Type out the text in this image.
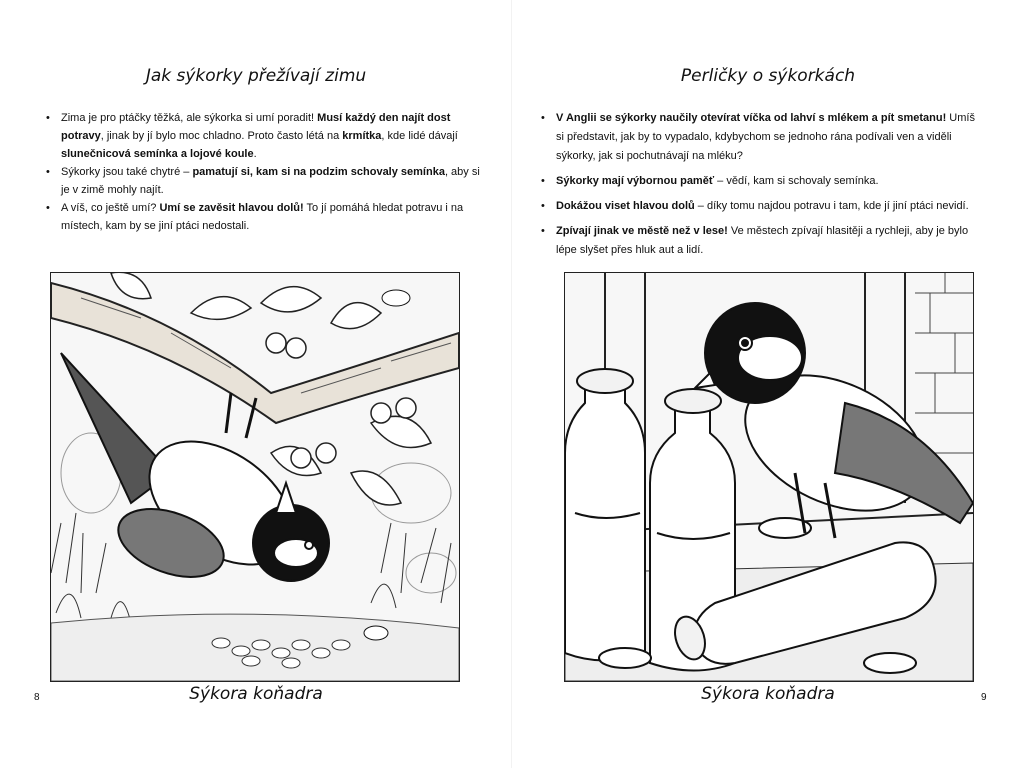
Jak sýkorky přežívají zimu
• Zima je pro ptáčky těžká, ale sýkorka si umí poradit! Musí každý den najít dost potravy, jinak by jí bylo moc chladno. Proto často létá na krmítka, kde lidé dávají slunečnicová semínka a lojové koule.
• Sýkorky jsou také chytré – pamatují si, kam si na podzim schovaly semínka, aby si je v zimě mohly najít.
• A víš, co ještě umí? Umí se zavěsit hlavou dolů! To jí pomáhá hledat potravu i na místech, kam by se jiní ptáci nedostali.
Sýkora koňadra
8
Perličky o sýkorkách
• V Anglii se sýkorky naučily otevírat víčka od lahví s mlékem a pít smetanu! Umíš si představit, jak by to vypadalo, kdybychom se jednoho rána podívali ven a viděli sýkorky, jak si pochutnávají na mléku?
• Sýkorky mají výbornou paměť – vědí, kam si schovaly semínka.
• Dokážou viset hlavou dolů – díky tomu najdou potravu i tam, kde jí jiní ptáci nevidí.
• Zpívají jinak ve městě než v lese! Ve městech zpívají hlasitěji a rychleji, aby je bylo lépe slyšet přes hluk aut a lidí.
Sýkora koňadra	9
